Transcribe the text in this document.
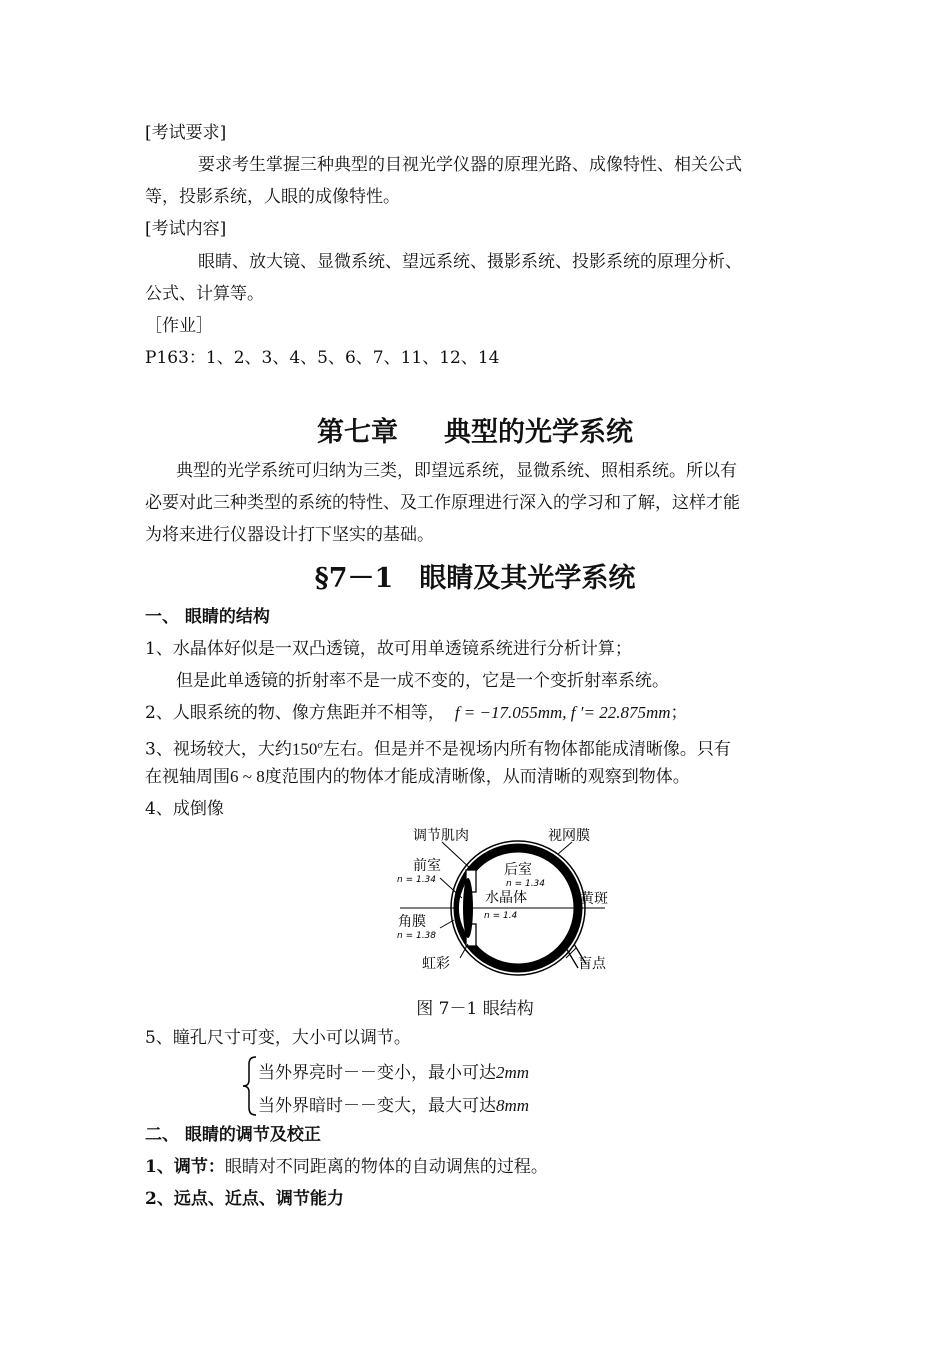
[考试要求]
要求考生掌握三种典型的目视光学仪器的原理光路、成像特性、相关公式
等，投影系统，人眼的成像特性。
[考试内容]
眼睛、放大镜、显微系统、望远系统、摄影系统、投影系统的原理分析、
公式、计算等。
［作业］
P163：1、2、3、4、5、6、7、11、12、14
第七章 典型的光学系统
典型的光学系统可归纳为三类，即望远系统，显微系统、照相系统。所以有
必要对此三种类型的系统的特性、及工作原理进行深入的学习和了解，这样才能
为将来进行仪器设计打下坚实的基础。
§7－1 眼睛及其光学系统
一、 眼睛的结构
1、水晶体好似是一双凸透镜，故可用单透镜系统进行分析计算；
但是此单透镜的折射率不是一成不变的，它是一个变折射率系统。
2、人眼系统的物、像方焦距并不相等， f = −17.055mm, f ′= 22.875mm；
3、视场较大，大约150$^o$左右。但是并不是视场内所有物体都能成清晰像。只有
在视轴周围6 ~ 8度范围内的物体才能成清晰像，从而清晰的观察到物体。
4、成倒像
调节肌肉	视网膜
前室
n = 1.34
后室
n = 1.34
水晶体
n = 1.4
黄斑
角膜
n = 1.38
虹彩	盲点
图 7－1 眼结构
5、瞳孔尺寸可变，大小可以调节。
当外界亮时－－变小，最小可达2mm
当外界暗时－－变大，最大可达8mm
二、 眼睛的调节及校正
1、调节：眼睛对不同距离的物体的自动调焦的过程。
2、远点、近点、调节能力
